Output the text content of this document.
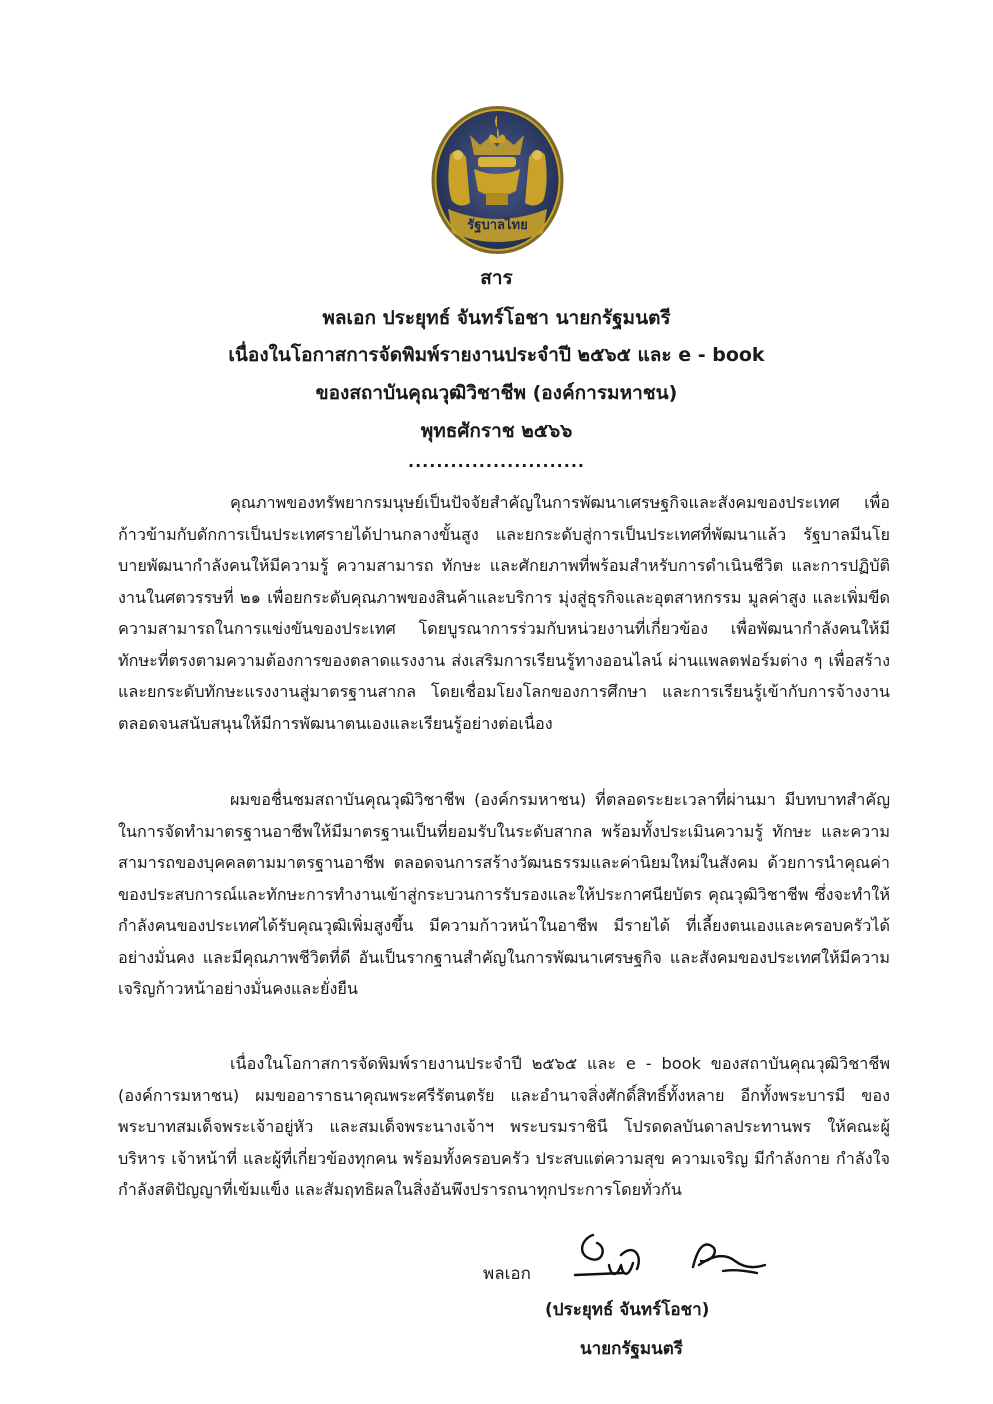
รัฐบาลไทย
สาร
พลเอก ประยุทธ์ จันทร์โอชา นายกรัฐมนตรี
เนื่องในโอกาสการจัดพิมพ์รายงานประจำปี ๒๕๖๕ และ e - book
ของสถาบันคุณวุฒิวิชาชีพ (องค์การมหาชน)
พุทธศักราช ๒๕๖๖
.........................

คุณภาพของทรัพยากรมนุษย์เป็นปัจจัยสำคัญในการพัฒนาเศรษฐกิจและสังคมของประเทศ เพื่อก้าวข้ามกับดักการเป็นประเทศรายได้ปานกลางขั้นสูง และยกระดับสู่การเป็นประเทศที่พัฒนาแล้ว รัฐบาลมีนโยบายพัฒนากำลังคนให้มีความรู้ ความสามารถ ทักษะ และศักยภาพที่พร้อมสำหรับการดำเนินชีวิต และการปฏิบัติงานในศตวรรษที่ ๒๑ เพื่อยกระดับคุณภาพของสินค้าและบริการ มุ่งสู่ธุรกิจและอุตสาหกรรม มูลค่าสูง และเพิ่มขีดความสามารถในการแข่งขันของประเทศ โดยบูรณาการร่วมกับหน่วยงานที่เกี่ยวข้อง เพื่อพัฒนากำลังคนให้มีทักษะที่ตรงตามความต้องการของตลาดแรงงาน ส่งเสริมการเรียนรู้ทางออนไลน์ ผ่านแพลตฟอร์มต่าง ๆ เพื่อสร้างและยกระดับทักษะแรงงานสู่มาตรฐานสากล โดยเชื่อมโยงโลกของการศึกษา และการเรียนรู้เข้ากับการจ้างงาน ตลอดจนสนับสนุนให้มีการพัฒนาตนเองและเรียนรู้อย่างต่อเนื่อง

ผมขอชื่นชมสถาบันคุณวุฒิวิชาชีพ (องค์กรมหาชน) ที่ตลอดระยะเวลาที่ผ่านมา มีบทบาทสำคัญ ในการจัดทำมาตรฐานอาชีพให้มีมาตรฐานเป็นที่ยอมรับในระดับสากล พร้อมทั้งประเมินความรู้ ทักษะ และความสามารถของบุคคลตามมาตรฐานอาชีพ ตลอดจนการสร้างวัฒนธรรมและค่านิยมใหม่ในสังคม ด้วยการนำคุณค่าของประสบการณ์และทักษะการทำงานเข้าสู่กระบวนการรับรองและให้ประกาศนียบัตร คุณวุฒิวิชาชีพ ซึ่งจะทำให้กำลังคนของประเทศได้รับคุณวุฒิเพิ่มสูงขึ้น มีความก้าวหน้าในอาชีพ มีรายได้ ที่เลี้ยงตนเองและครอบครัวได้อย่างมั่นคง และมีคุณภาพชีวิตที่ดี อันเป็นรากฐานสำคัญในการพัฒนาเศรษฐกิจ และสังคมของประเทศให้มีความเจริญก้าวหน้าอย่างมั่นคงและยั่งยืน

เนื่องในโอกาสการจัดพิมพ์รายงานประจำปี ๒๕๖๕ และ e - book ของสถาบันคุณวุฒิวิชาชีพ (องค์การมหาชน) ผมขออาราธนาคุณพระศรีรัตนตรัย และอำนาจสิ่งศักดิ์สิทธิ์ทั้งหลาย อีกทั้งพระบารมี ของพระบาทสมเด็จพระเจ้าอยู่หัว และสมเด็จพระนางเจ้าฯ พระบรมราชินี โปรดดลบันดาลประทานพร ให้คณะผู้บริหาร เจ้าหน้าที่ และผู้ที่เกี่ยวข้องทุกคน พร้อมทั้งครอบครัว ประสบแต่ความสุข ความเจริญ มีกำลังกาย กำลังใจ กำลังสติปัญญาที่เข้มแข็ง และสัมฤทธิผลในสิ่งอันพึงปรารถนาทุกประการโดยทั่วกัน

พลเอก
(ประยุทธ์ จันทร์โอชา)
นายกรัฐมนตรี
